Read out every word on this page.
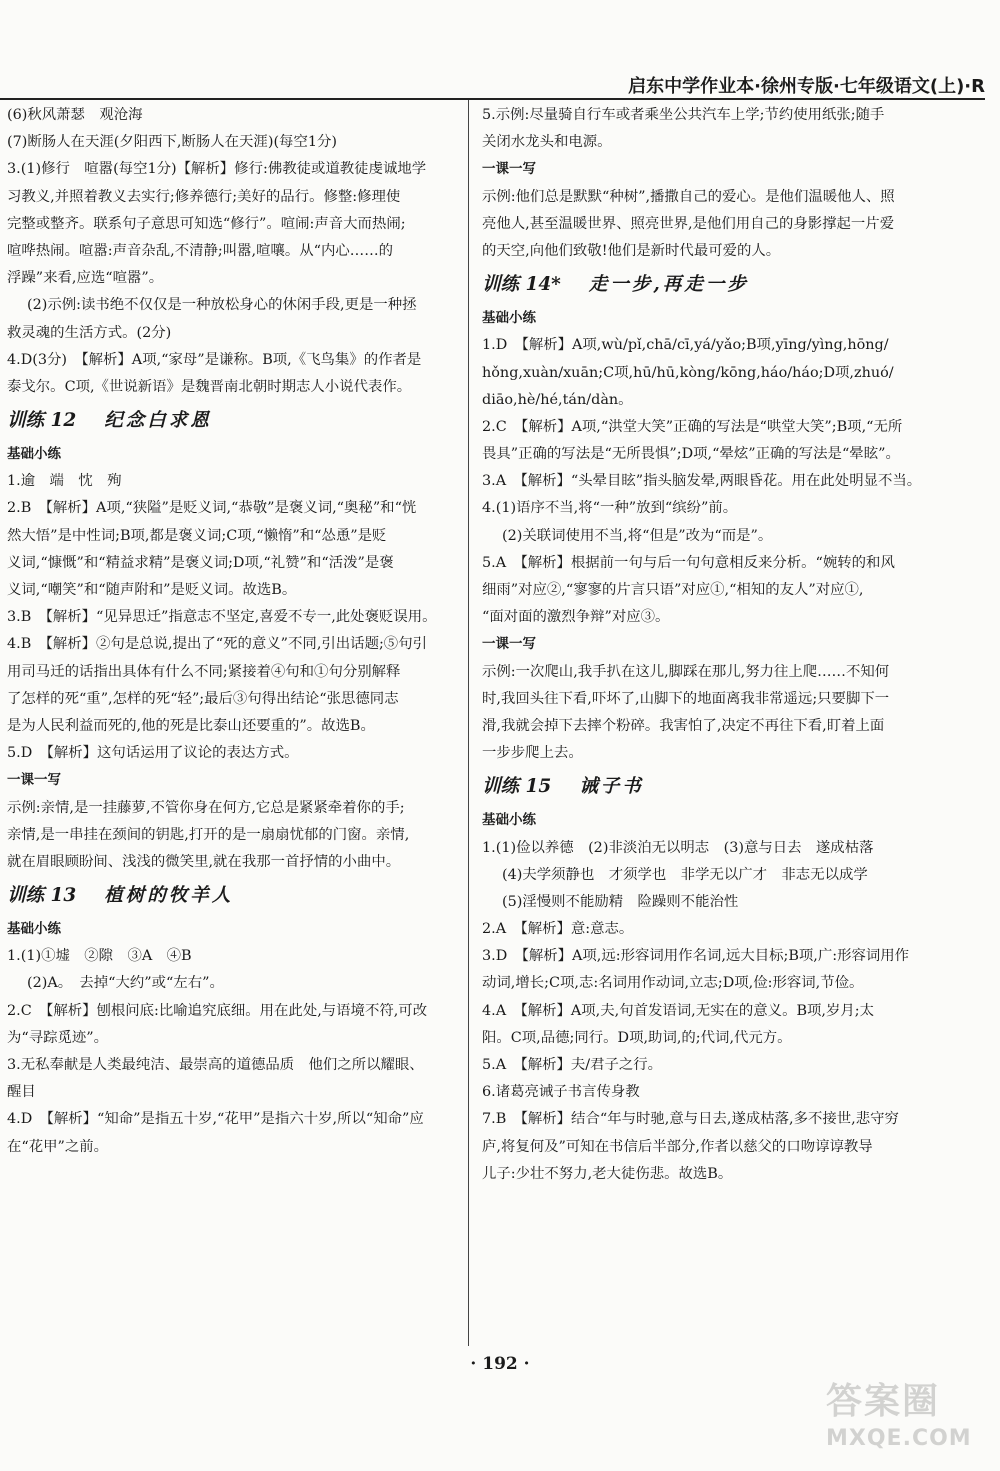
启东中学作业本·徐州专版·七年级语文(上)·R
(6)秋风萧瑟　观沧海
(7)断肠人在天涯(夕阳西下,断肠人在天涯)(每空1分)
3.(1)修行　喧嚣(每空1分)【解析】修行:佛教徒或道教徒虔诚地学
习教义,并照着教义去实行;修养德行;美好的品行。修整:修理使
完整或整齐。联系句子意思可知选“修行”。喧闹:声音大而热闹;
喧哗热闹。喧嚣:声音杂乱,不清静;叫嚣,喧嚷。从“内心……的
浮躁”来看,应选“喧嚣”。
(2)示例:读书绝不仅仅是一种放松身心的休闲手段,更是一种拯
救灵魂的生活方式。(2分)
4.D(3分)　【解析】A项,“家母”是谦称。B项,《飞鸟集》的作者是
泰戈尔。C项,《世说新语》是魏晋南北朝时期志人小说代表作。
训练 12 纪念白求恩
基础小练
1.逾　端　忱　殉
2.B　【解析】A项,“狭隘”是贬义词,“恭敬”是褒义词,“奥秘”和“恍
然大悟”是中性词;B项,都是褒义词;C项,“懒惰”和“怂恿”是贬
义词,“慷慨”和“精益求精”是褒义词;D项,“礼赞”和“活泼”是褒
义词,“嘲笑”和“随声附和”是贬义词。故选B。
3.B　【解析】“见异思迁”指意志不坚定,喜爱不专一,此处褒贬误用。
4.B　【解析】②句是总说,提出了“死的意义”不同,引出话题;⑤句引
用司马迁的话指出具体有什么不同;紧接着④句和①句分别解释
了怎样的死“重”,怎样的死“轻”;最后③句得出结论“张思德同志
是为人民利益而死的,他的死是比泰山还要重的”。故选B。
5.D　【解析】这句话运用了议论的表达方式。
一课一写
示例:亲情,是一挂藤萝,不管你身在何方,它总是紧紧牵着你的手;
亲情,是一串挂在颈间的钥匙,打开的是一扇扇忧郁的门窗。亲情,
就在眉眼顾盼间、浅浅的微笑里,就在我那一首抒情的小曲中。
训练 13 植树的牧羊人
基础小练
1.(1)①墟　②隙　③A　④B
(2)A。　去掉“大约”或“左右”。
2.C　【解析】刨根问底:比喻追究底细。用在此处,与语境不符,可改
为“寻踪觅迹”。
3.无私奉献是人类最纯洁、最崇高的道德品质　他们之所以耀眼、
醒目
4.D　【解析】“知命”是指五十岁,“花甲”是指六十岁,所以“知命”应
在“花甲”之前。
5.示例:尽量骑自行车或者乘坐公共汽车上学;节约使用纸张;随手
关闭水龙头和电源。
一课一写
示例:他们总是默默“种树”,播撒自己的爱心。是他们温暖他人、照
亮他人,甚至温暖世界、照亮世界,是他们用自己的身影撑起一片爱
的天空,向他们致敬!他们是新时代最可爱的人。
训练 14* 走一步,再走一步
基础小练
1.D　【解析】A项,wù/pǐ,chā/cī,yá/yǎo;B项,yīng/yìng,hōng/
hǒng,xuàn/xuān;C项,hū/hū,kòng/kōng,háo/háo;D项,zhuó/
diāo,hè/hé,tán/dàn。
2.C　【解析】A项,“洪堂大笑”正确的写法是“哄堂大笑”;B项,“无所
畏具”正确的写法是“无所畏惧”;D项,“晕炫”正确的写法是“晕眩”。
3.A　【解析】“头晕目眩”指头脑发晕,两眼昏花。用在此处明显不当。
4.(1)语序不当,将“一种”放到“缤纷”前。
(2)关联词使用不当,将“但是”改为“而是”。
5.A　【解析】根据前一句与后一句句意相反来分析。“婉转的和风
细雨”对应②,“寥寥的片言只语”对应①,“相知的友人”对应①,
“面对面的激烈争辩”对应③。
一课一写
示例:一次爬山,我手扒在这儿,脚踩在那儿,努力往上爬……不知何
时,我回头往下看,吓坏了,山脚下的地面离我非常遥远;只要脚下一
滑,我就会掉下去摔个粉碎。我害怕了,决定不再往下看,盯着上面
一步步爬上去。
训练 15 诫子书
基础小练
1.(1)俭以养德　(2)非淡泊无以明志　(3)意与日去　遂成枯落
(4)夫学须静也　才须学也　非学无以广才　非志无以成学
(5)淫慢则不能励精　险躁则不能治性
2.A　【解析】意:意志。
3.D　【解析】A项,远:形容词用作名词,远大目标;B项,广:形容词用作
动词,增长;C项,志:名词用作动词,立志;D项,俭:形容词,节俭。
4.A　【解析】A项,夫,句首发语词,无实在的意义。B项,岁月;太
阳。C项,品德;同行。D项,助词,的;代词,代元方。
5.A　【解析】夫/君子之行。
6.诸葛亮诫子书言传身教
7.B　【解析】结合“年与时驰,意与日去,遂成枯落,多不接世,悲守穷
庐,将复何及”可知在书信后半部分,作者以慈父的口吻谆谆教导
儿子:少壮不努力,老大徒伤悲。故选B。
· 192 ·
答案圈
MXQE.COM
